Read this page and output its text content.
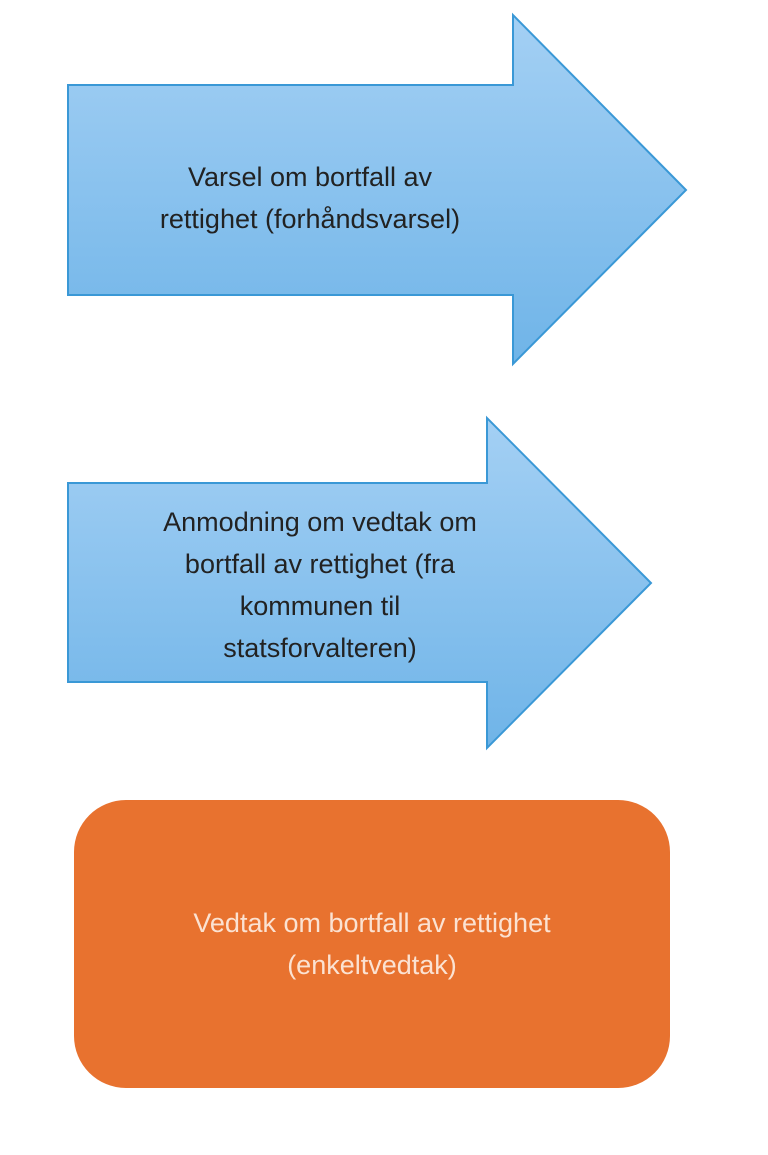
Varsel om bortfall av
rettighet (forhåndsvarsel)
Anmodning om vedtak om
bortfall av rettighet (fra
kommunen til
statsforvalteren)
Vedtak om bortfall av rettighet
(enkeltvedtak)
